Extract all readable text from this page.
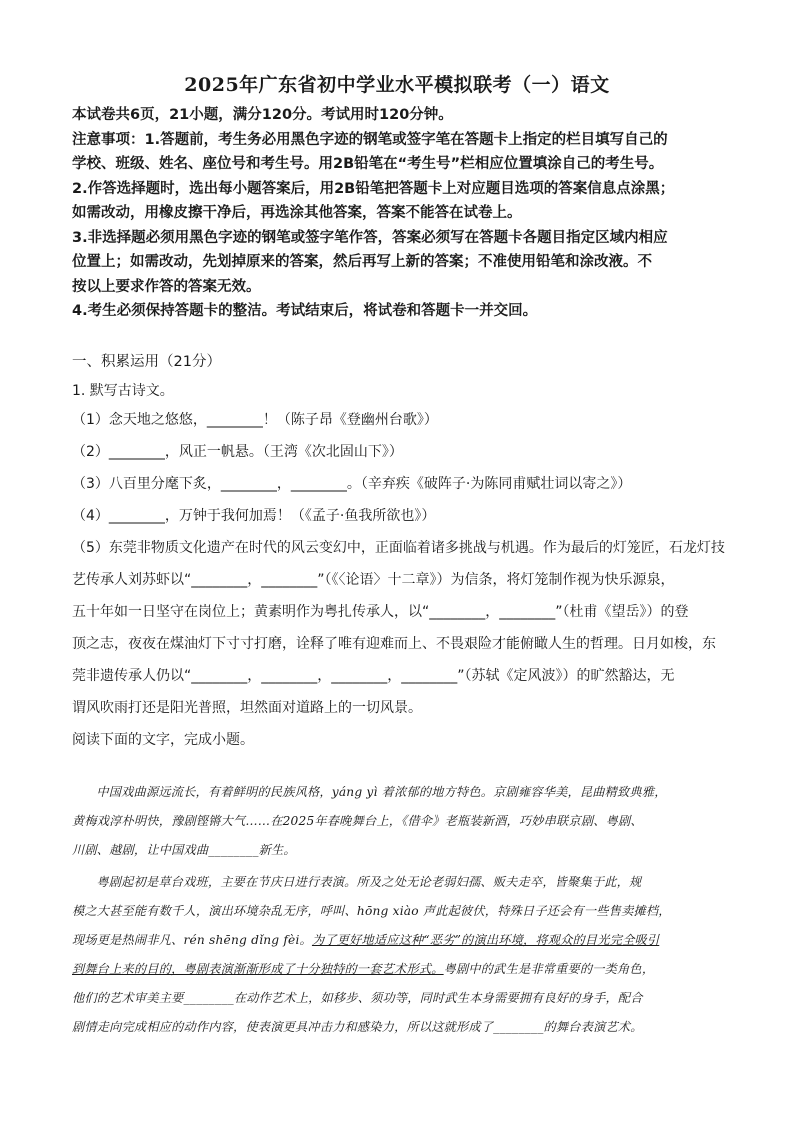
2025年广东省初中学业水平模拟联考（一）语文

本试卷共6页，21小题，满分120分。考试用时120分钟。

注意事项：1.答题前，考生务必用黑色字迹的钢笔或签字笔在答题卡上指定的栏目填写自己的

学校、班级、姓名、座位号和考生号。用2B铅笔在“考生号”栏相应位置填涂自己的考生号。

2.作答选择题时，选出每小题答案后，用2B铅笔把答题卡上对应题目选项的答案信息点涂黑；

如需改动，用橡皮擦干净后，再选涂其他答案，答案不能答在试卷上。

3.非选择题必须用黑色字迹的钢笔或签字笔作答，答案必须写在答题卡各题目指定区域内相应

位置上；如需改动，先划掉原来的答案，然后再写上新的答案；不准使用铅笔和涂改液。不

按以上要求作答的答案无效。

4.考生必须保持答题卡的整洁。考试结束后，将试卷和答题卡一并交回。

一、积累运用（21分）

1. 默写古诗文。

（1）念天地之悠悠，________！（陈子昂《登幽州台歌》）

（2）________，风正一帆悬。（王湾《次北固山下》）

（3）八百里分麾下炙，________，________。（辛弃疾《破阵子·为陈同甫赋壮词以寄之》）

（4）________，万钟于我何加焉！（《孟子·鱼我所欲也》）

（5）东莞非物质文化遗产在时代的风云变幻中，正面临着诸多挑战与机遇。作为最后的灯笼匠，石龙灯技

艺传承人刘苏虾以“________，________”（《〈论语〉十二章》）为信条，将灯笼制作视为快乐源泉，

五十年如一日坚守在岗位上；黄素明作为粤扎传承人，以“________，________”（杜甫《望岳》）的登

顶之志，夜夜在煤油灯下寸寸打磨，诠释了唯有迎难而上、不畏艰险才能俯瞰人生的哲理。日月如梭，东

莞非遗传承人仍以“________，________，________，________”（苏轼《定风波》）的旷然豁达，无

谓风吹雨打还是阳光普照，坦然面对道路上的一切风景。

阅读下面的文字，完成小题。

中国戏曲源远流长，有着鲜明的民族风格，yáng yì 着浓郁的地方特色。京剧雍容华美，昆曲精致典雅，

黄梅戏淳朴明快，豫剧铿锵大气……在2025年春晚舞台上，《借伞》老瓶装新酒，巧妙串联京剧、粤剧、
川剧、越剧，让中国戏曲________新生。

粤剧起初是草台戏班，主要在节庆日进行表演。所及之处无论老弱妇孺、贩夫走卒，皆聚集于此，规

模之大甚至能有数千人，演出环境杂乱无序，呼叫、hōng xiào 声此起彼伏，特殊日子还会有一些售卖摊档，
现场更是热闹非凡、rén shēng dǐng fèi。为了更好地适应这种“恶劣”的演出环境，将观众的目光完全吸引
到舞台上来的目的，粤剧表演渐渐形成了十分独特的一套艺术形式。粤剧中的武生是非常重要的一类角色，
他们的艺术审美主要________在动作艺术上，如移步、须功等，同时武生本身需要拥有良好的身手，配合
剧情走向完成相应的动作内容，使表演更具冲击力和感染力，所以这就形成了________的舞台表演艺术。
